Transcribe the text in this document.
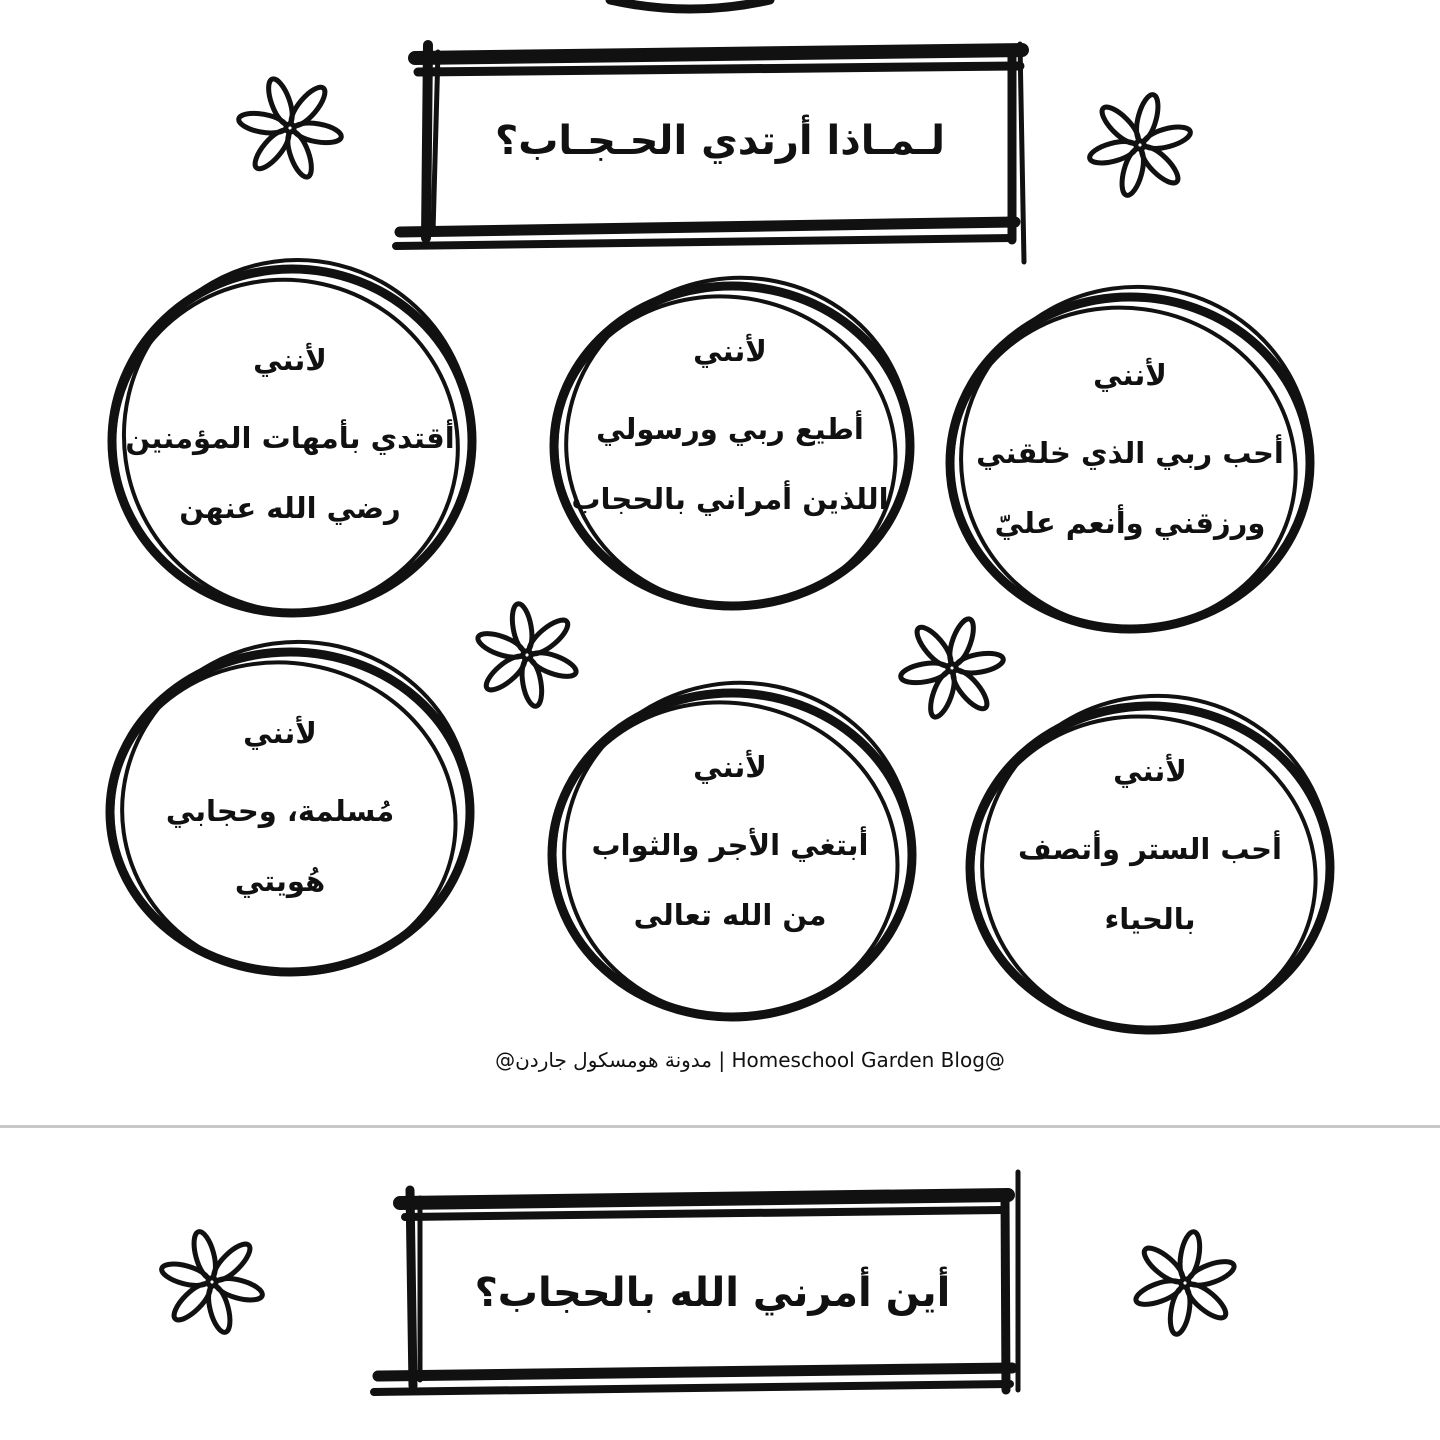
لـمـاذا أرتدي الحـجـاب؟
لأنني
أحب ربي الذي خلقني
ورزقني وأنعم عليّ
لأنني
أطيع ربي ورسولي
اللذين أمراني بالحجاب
لأنني
أقتدي بأمهات المؤمنين
رضي الله عنهن
لأنني
أحب الستر وأتصف
بالحياء
لأنني
أبتغي الأجر والثواب
من الله تعالى
لأنني
مُسلمة، وحجابي
هُويتي
@مدونة هومسكول جاردن | Homeschool Garden Blog@
أين أمرني الله بالحجاب؟
